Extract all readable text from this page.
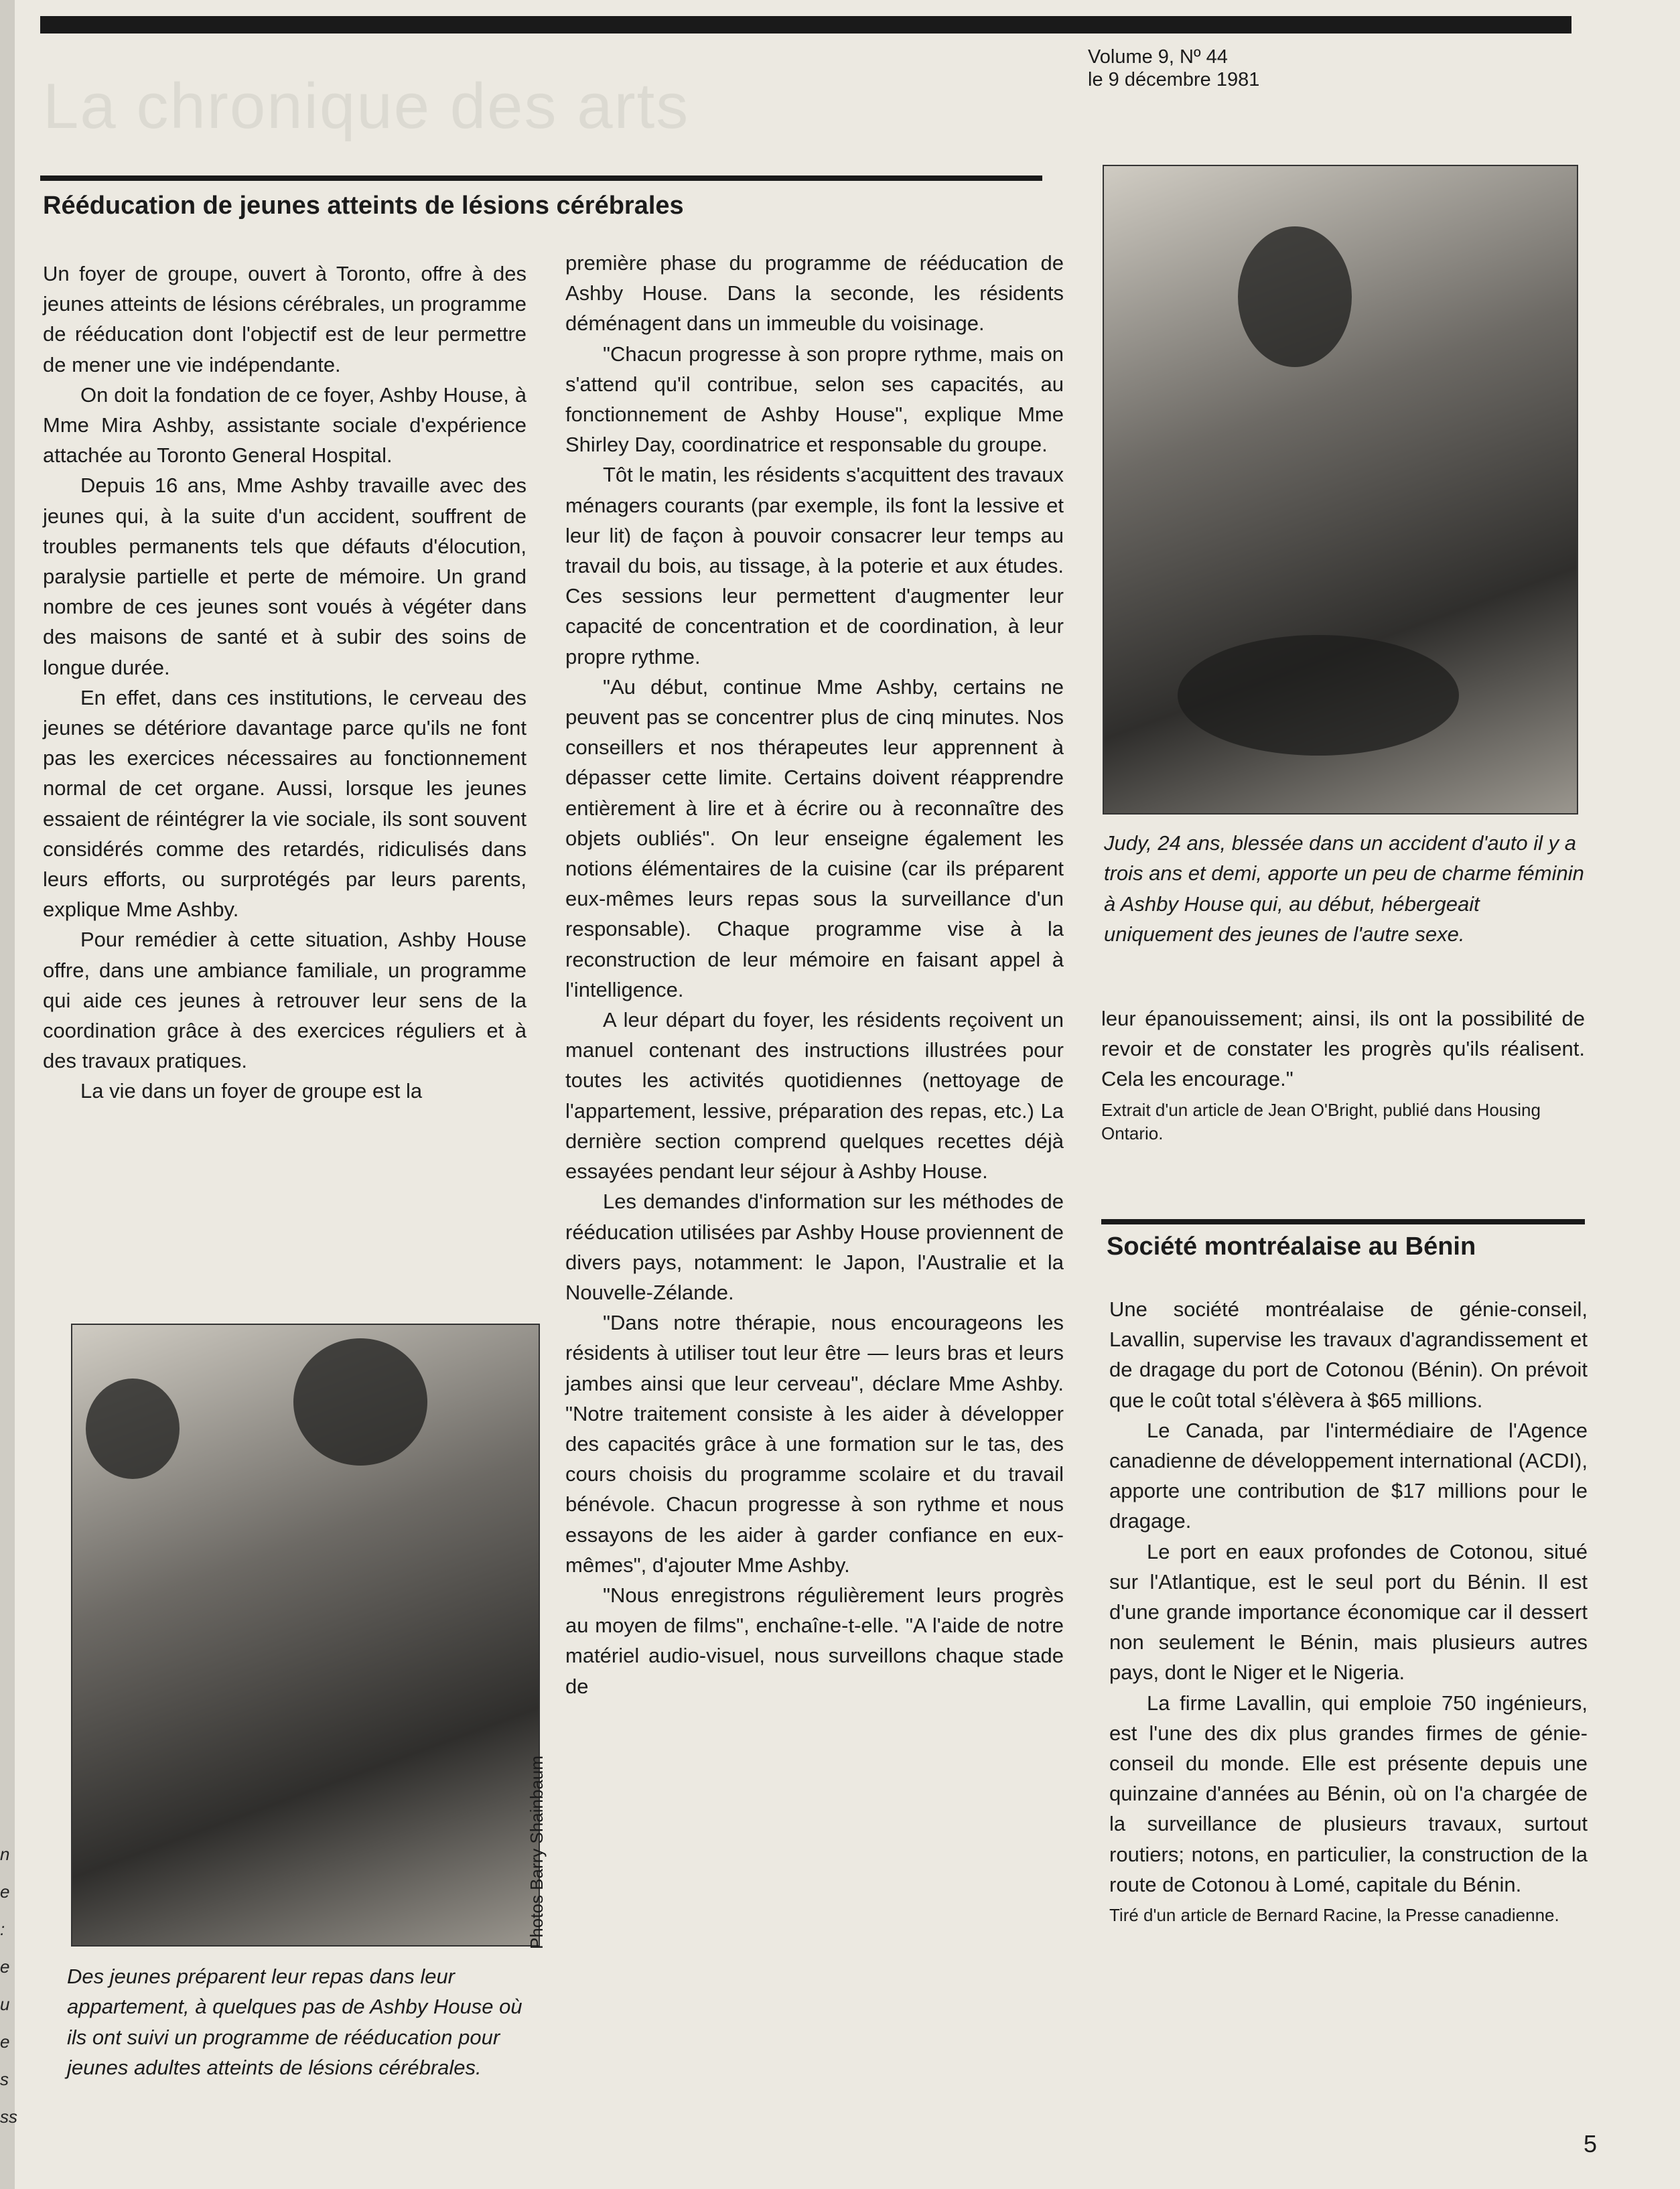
n e : e u e s ss
Volume 9, Nº 44
le 9 décembre 1981
La chronique des arts
Rééducation de jeunes atteints de lésions cérébrales

Un foyer de groupe, ouvert à Toronto, offre à des jeunes atteints de lésions cérébrales, un programme de rééducation dont l'objectif est de leur permettre de mener une vie indépendante.

On doit la fondation de ce foyer, Ashby House, à Mme Mira Ashby, assistante sociale d'expérience attachée au Toronto General Hospital.

Depuis 16 ans, Mme Ashby travaille avec des jeunes qui, à la suite d'un accident, souffrent de troubles permanents tels que défauts d'élocution, paralysie partielle et perte de mémoire. Un grand nombre de ces jeunes sont voués à végéter dans des maisons de santé et à subir des soins de longue durée.

En effet, dans ces institutions, le cerveau des jeunes se détériore davantage parce qu'ils ne font pas les exercices nécessaires au fonctionnement normal de cet organe. Aussi, lorsque les jeunes essaient de réintégrer la vie sociale, ils sont souvent considérés comme des retardés, ridiculisés dans leurs efforts, ou surprotégés par leurs parents, explique Mme Ashby.

Pour remédier à cette situation, Ashby House offre, dans une ambiance familiale, un programme qui aide ces jeunes à retrouver leur sens de la coordination grâce à des exercices réguliers et à des travaux pratiques.

La vie dans un foyer de groupe est la

Photos Barry Shainbaum
Des jeunes préparent leur repas dans leur appartement, à quelques pas de Ashby House où ils ont suivi un programme de rééducation pour jeunes adultes atteints de lésions cérébrales.

première phase du programme de rééducation de Ashby House. Dans la seconde, les résidents déménagent dans un immeuble du voisinage.

"Chacun progresse à son propre rythme, mais on s'attend qu'il contribue, selon ses capacités, au fonctionnement de Ashby House", explique Mme Shirley Day, coordinatrice et responsable du groupe.

Tôt le matin, les résidents s'acquittent des travaux ménagers courants (par exemple, ils font la lessive et leur lit) de façon à pouvoir consacrer leur temps au travail du bois, au tissage, à la poterie et aux études. Ces sessions leur permettent d'augmenter leur capacité de concentration et de coordination, à leur propre rythme.

"Au début, continue Mme Ashby, certains ne peuvent pas se concentrer plus de cinq minutes. Nos conseillers et nos thérapeutes leur apprennent à dépasser cette limite. Certains doivent réapprendre entièrement à lire et à écrire ou à reconnaître des objets oubliés". On leur enseigne également les notions élémentaires de la cuisine (car ils préparent eux-mêmes leurs repas sous la surveillance d'un responsable). Chaque programme vise à la reconstruction de leur mémoire en faisant appel à l'intelligence.

A leur départ du foyer, les résidents reçoivent un manuel contenant des instructions illustrées pour toutes les activités quotidiennes (nettoyage de l'appartement, lessive, préparation des repas, etc.) La dernière section comprend quelques recettes déjà essayées pendant leur séjour à Ashby House.

Les demandes d'information sur les méthodes de rééducation utilisées par Ashby House proviennent de divers pays, notamment: le Japon, l'Australie et la Nouvelle-Zélande.

"Dans notre thérapie, nous encourageons les résidents à utiliser tout leur être — leurs bras et leurs jambes ainsi que leur cerveau", déclare Mme Ashby. "Notre traitement consiste à les aider à développer des capacités grâce à une formation sur le tas, des cours choisis du programme scolaire et du travail bénévole. Chacun progresse à son rythme et nous essayons de les aider à garder confiance en eux-mêmes", d'ajouter Mme Ashby.

"Nous enregistrons régulièrement leurs progrès au moyen de films", enchaîne-t-elle. "A l'aide de notre matériel audio-visuel, nous surveillons chaque stade de

Judy, 24 ans, blessée dans un accident d'auto il y a trois ans et demi, apporte un peu de charme féminin à Ashby House qui, au début, hébergeait uniquement des jeunes de l'autre sexe.

leur épanouissement; ainsi, ils ont la possibilité de revoir et de constater les progrès qu'ils réalisent. Cela les encourage."

Extrait d'un article de Jean O'Bright, publié dans Housing Ontario.

Société montréalaise au Bénin

Une société montréalaise de génie-conseil, Lavallin, supervise les travaux d'agrandissement et de dragage du port de Cotonou (Bénin). On prévoit que le coût total s'élèvera à $65 millions.

Le Canada, par l'intermédiaire de l'Agence canadienne de développement international (ACDI), apporte une contribution de $17 millions pour le dragage.

Le port en eaux profondes de Cotonou, situé sur l'Atlantique, est le seul port du Bénin. Il est d'une grande importance économique car il dessert non seulement le Bénin, mais plusieurs autres pays, dont le Niger et le Nigeria.

La firme Lavallin, qui emploie 750 ingénieurs, est l'une des dix plus grandes firmes de génie-conseil du monde. Elle est présente depuis une quinzaine d'années au Bénin, où on l'a chargée de la surveillance de plusieurs travaux, surtout routiers; notons, en particulier, la construction de la route de Cotonou à Lomé, capitale du Bénin.

Tiré d'un article de Bernard Racine, la Presse canadienne.

5
